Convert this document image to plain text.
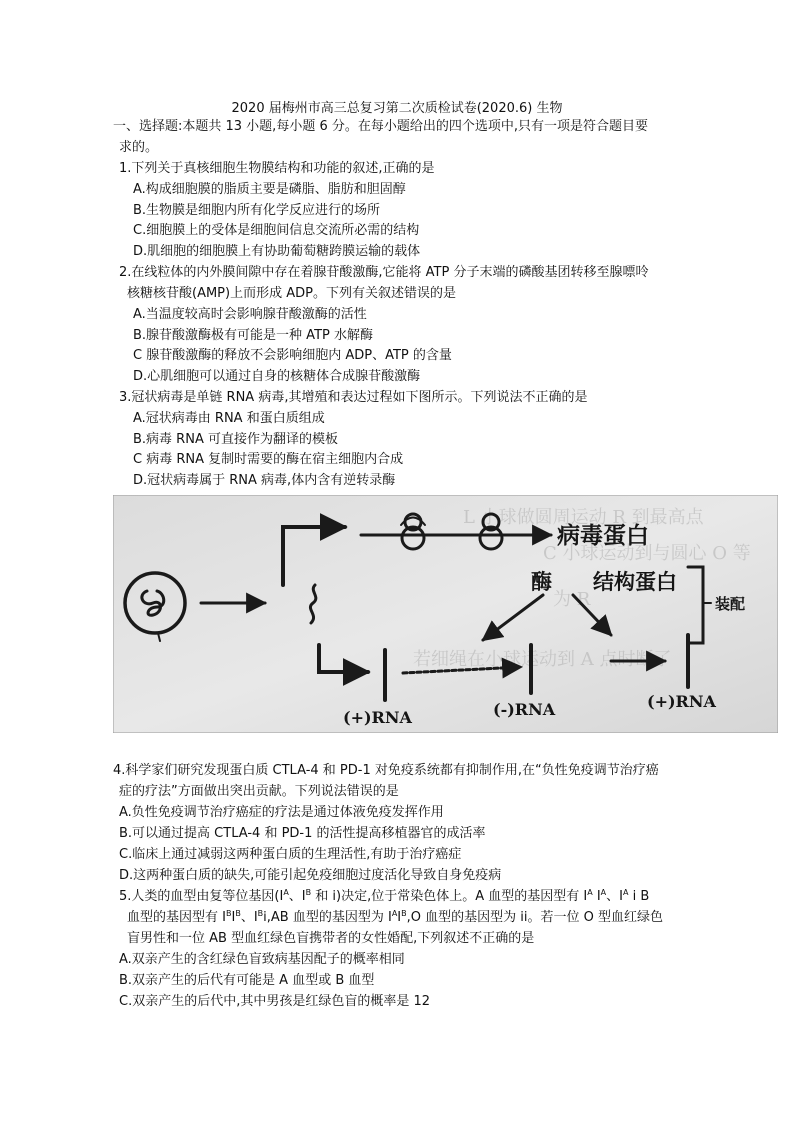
2020 届梅州市高三总复习第二次质检试卷(2020.6) 生物
一、选择题:本题共 13 小题,每小题 6 分。在每小题给出的四个选项中,只有一项是符合题目要
求的。
1.下列关于真核细胞生物膜结构和功能的叙述,正确的是
A.构成细胞膜的脂质主要是磷脂、脂肪和胆固醇
B.生物膜是细胞内所有化学反应进行的场所
C.细胞膜上的受体是细胞间信息交流所必需的结构
D.肌细胞的细胞膜上有协助葡萄糖跨膜运输的载体
2.在线粒体的内外膜间隙中存在着腺苷酸激酶,它能将 ATP 分子末端的磷酸基团转移至腺嘌呤
核糖核苷酸(AMP)上而形成 ADP。下列有关叙述错误的是
A.当温度较高时会影响腺苷酸激酶的活性
B.腺苷酸激酶极有可能是一种 ATP 水解酶
C 腺苷酸激酶的释放不会影响细胞内 ADP、ATP 的含量
D.心肌细胞可以通过自身的核糖体合成腺苷酸激酶
3.冠状病毒是单链 RNA 病毒,其增殖和表达过程如下图所示。下列说法不正确的是
A.冠状病毒由 RNA 和蛋白质组成
B.病毒 RNA 可直接作为翻译的模板
C 病毒 RNA 复制时需要的酶在宿主细胞内合成
D.冠状病毒属于 RNA 病毒,体内含有逆转录酶
L 小球做圆周运动 R 到最高点
C 小球运动到与圆心 O 等
为 R
若细绳在小球运动到 A 点时断了
病毒蛋白
酶 结构蛋白
装配
(+)RNA	(-)RNA	(+)RNA
4.科学家们研究发现蛋白质 CTLA-4 和 PD-1 对免疫系统都有抑制作用,在“负性免疫调节治疗癌
症的疗法”方面做出突出贡献。下列说法错误的是
A.负性免疫调节治疗癌症的疗法是通过体液免疫发挥作用
B.可以通过提高 CTLA-4 和 PD-1 的活性提高移植器官的成活率
C.临床上通过减弱这两种蛋白质的生理活性,有助于治疗癌症
D.这两种蛋白质的缺失,可能引起免疫细胞过度活化导致自身免疫病
5.人类的血型由复等位基因($I^A$、$I^B$ 和 i)决定,位于常染色体上。A 血型的基因型有 $I^A$ $I^A$、$I^A$ i B
血型的基因型有 $I^BI^B$、$I^Bi,AB$ 血型的基因型为 $I^AI^B,O$ 血型的基因型为 ii。若一位 O 型血红绿色
盲男性和一位 AB 型血红绿色盲携带者的女性婚配,下列叙述不正确的是
A.双亲产生的含红绿色盲致病基因配子的概率相同
B.双亲产生的后代有可能是 A 血型或 B 血型
C.双亲产生的后代中,其中男孩是红绿色盲的概率是 12
